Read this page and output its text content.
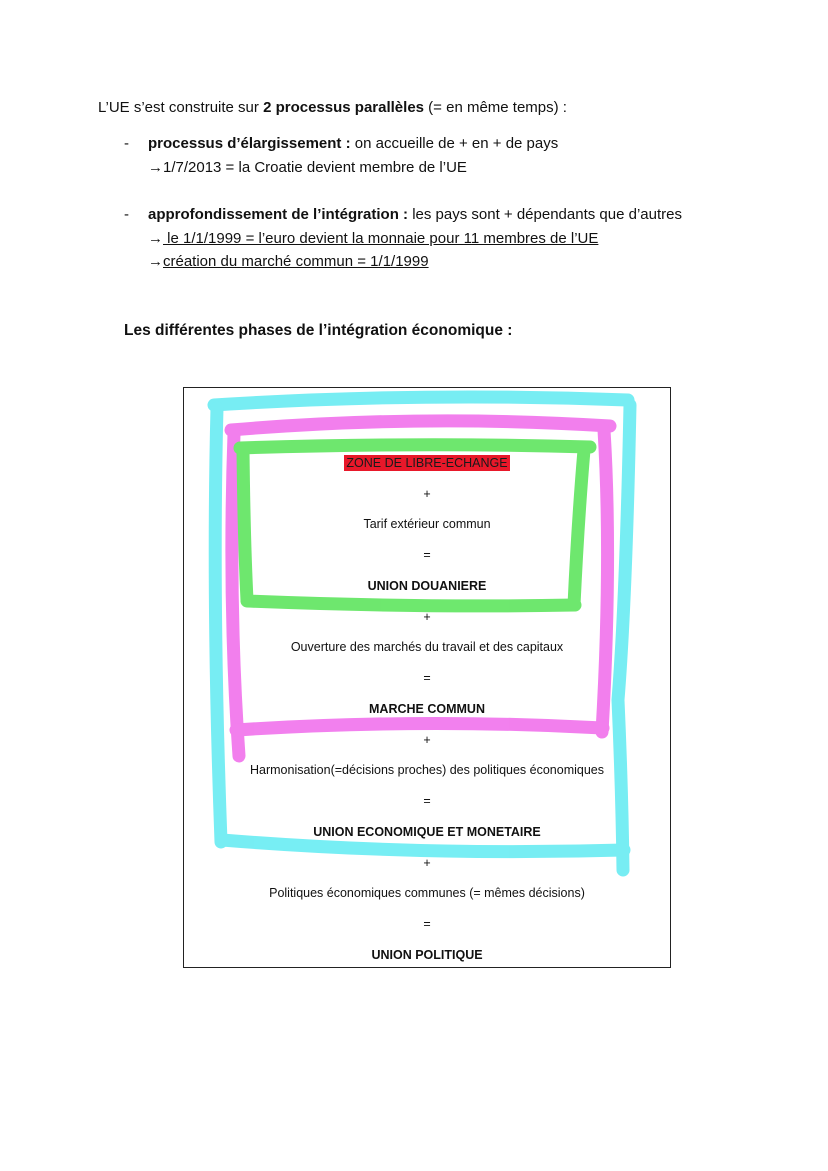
L’UE s’est construite sur 2 processus parallèles (= en même temps) :
- processus d’élargissement : on accueille de + en + de pays
→1/7/2013 = la Croatie devient membre de l’UE
- approfondissement de l’intégration : les pays sont + dépendants que d’autres
→ le 1/1/1999 = l’euro devient la monnaie pour 11 membres de l’UE
→création du marché commun = 1/1/1999
Les différentes phases de l’intégration économique :
ZONE DE LIBRE-ECHANGE
+
Tarif extérieur commun
=
UNION DOUANIERE
+
Ouverture des marchés du travail et des capitaux
=
MARCHE COMMUN
+
Harmonisation(=décisions proches) des politiques économiques
=
UNION ECONOMIQUE ET MONETAIRE
+
Politiques économiques communes (= mêmes décisions)
=
UNION POLITIQUE
